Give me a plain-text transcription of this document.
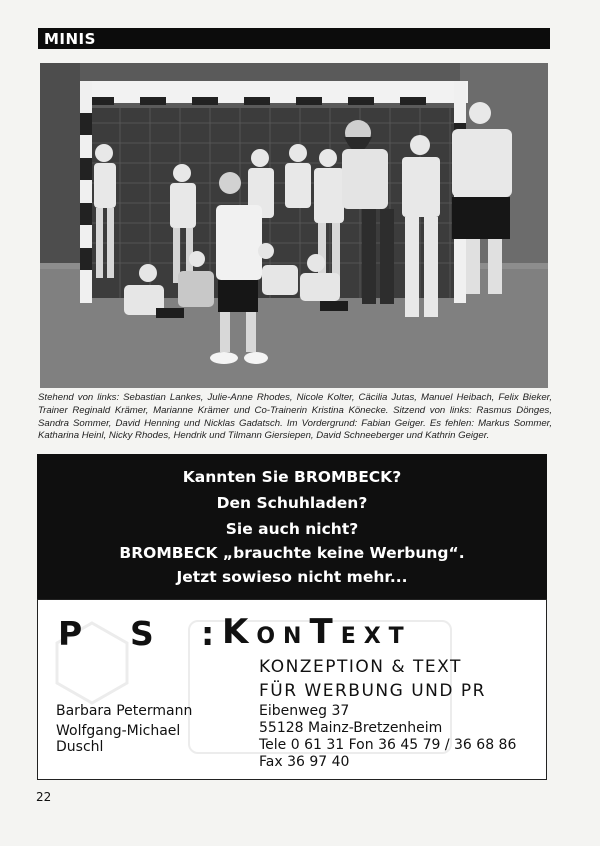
MINIS
Stehend von links: Sebastian Lankes, Julie-Anne Rhodes, Nicole Kolter, Cäcilia Jutas, Manuel Heibach, Felix Bieker, Trainer Reginald Krämer, Marianne Krämer und Co-Trainerin Kristina Könecke. Sitzend von links: Rasmus Dönges, Sandra Sommer, David Henning und Nicklas Gadatsch. Im Vordergrund: Fabian Geiger. Es fehlen: Markus Sommer, Katharina Heinl, Nicky Rhodes, Hendrik und Tilmann Giersiepen, David Schneeberger und Kathrin Geiger.
Kannten Sie BROMBECK?
Den Schuhladen?
Sie auch nicht?
BROMBECK „brauchte keine Werbung“.
Jetzt sowieso nicht mehr...
P S : KONTEXT
KONZEPTION & TEXT
FÜR WERBUNG UND PR
Barbara Petermann
Wolfgang-Michael
Duschl
Eibenweg 37
55128 Mainz-Bretzenheim
Tele 0 61 31 Fon 36 45 79 / 36 68 86
Fax 36 97 40
22
